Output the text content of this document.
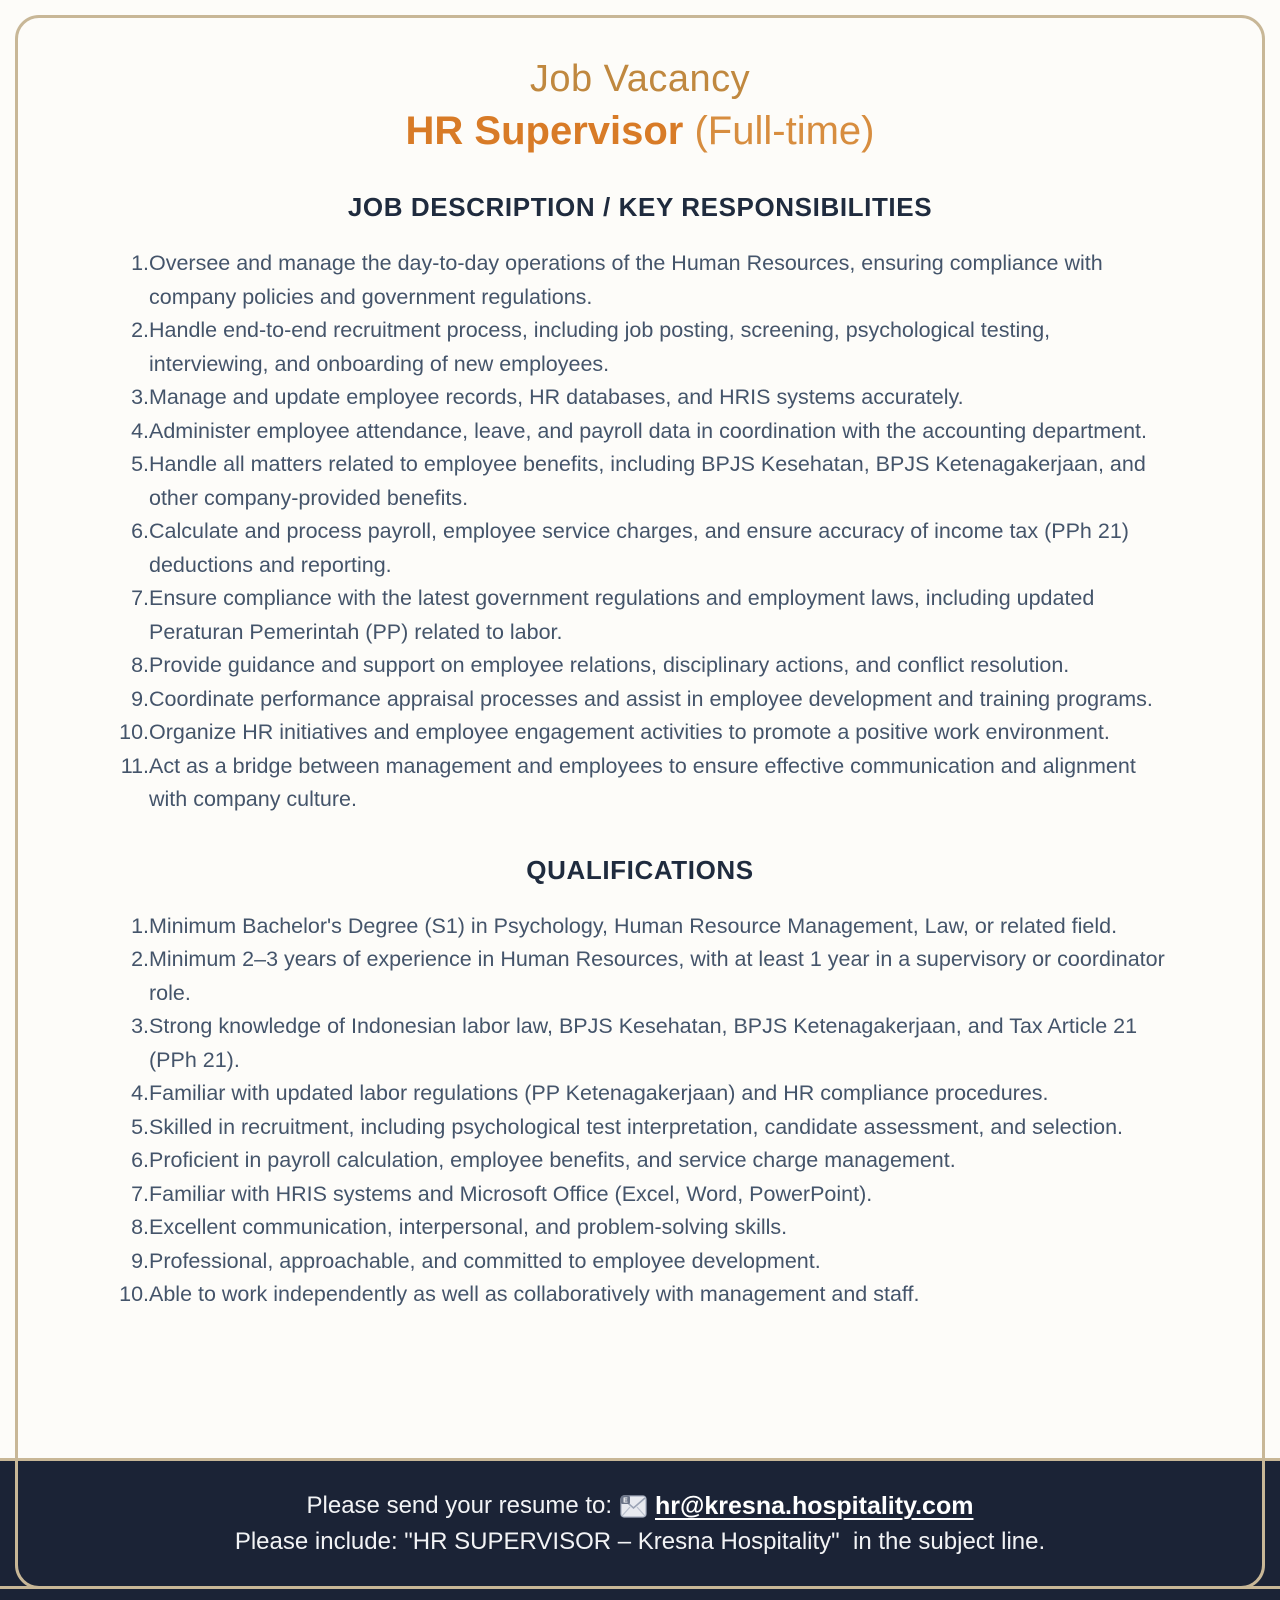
Job Vacancy
HR Supervisor (Full-time)
JOB DESCRIPTION / KEY RESPONSIBILITIES
1. Oversee and manage the day-to-day operations of the Human Resources, ensuring compliance with company policies and government regulations.
2. Handle end-to-end recruitment process, including job posting, screening, psychological testing, interviewing, and onboarding of new employees.
3. Manage and update employee records, HR databases, and HRIS systems accurately.
4. Administer employee attendance, leave, and payroll data in coordination with the accounting department.
5. Handle all matters related to employee benefits, including BPJS Kesehatan, BPJS Ketenagakerjaan, and other company-provided benefits.
6. Calculate and process payroll, employee service charges, and ensure accuracy of income tax (PPh 21) deductions and reporting.
7. Ensure compliance with the latest government regulations and employment laws, including updated Peraturan Pemerintah (PP) related to labor.
8. Provide guidance and support on employee relations, disciplinary actions, and conflict resolution.
9. Coordinate performance appraisal processes and assist in employee development and training programs.
10. Organize HR initiatives and employee engagement activities to promote a positive work environment.
11. Act as a bridge between management and employees to ensure effective communication and alignment with company culture.
QUALIFICATIONS
1. Minimum Bachelor's Degree (S1) in Psychology, Human Resource Management, Law, or related field.
2. Minimum 2–3 years of experience in Human Resources, with at least 1 year in a supervisory or coordinator role.
3. Strong knowledge of Indonesian labor law, BPJS Kesehatan, BPJS Ketenagakerjaan, and Tax Article 21 (PPh 21).
4. Familiar with updated labor regulations (PP Ketenagakerjaan) and HR compliance procedures.
5. Skilled in recruitment, including psychological test interpretation, candidate assessment, and selection.
6. Proficient in payroll calculation, employee benefits, and service charge management.
7. Familiar with HRIS systems and Microsoft Office (Excel, Word, PowerPoint).
8. Excellent communication, interpersonal, and problem-solving skills.
9. Professional, approachable, and committed to employee development.
10. Able to work independently as well as collaboratively with management and staff.
Please send your resume to: E hr@kresna.hospitality.com
Please include: "HR SUPERVISOR – Kresna Hospitality"  in the subject line.
